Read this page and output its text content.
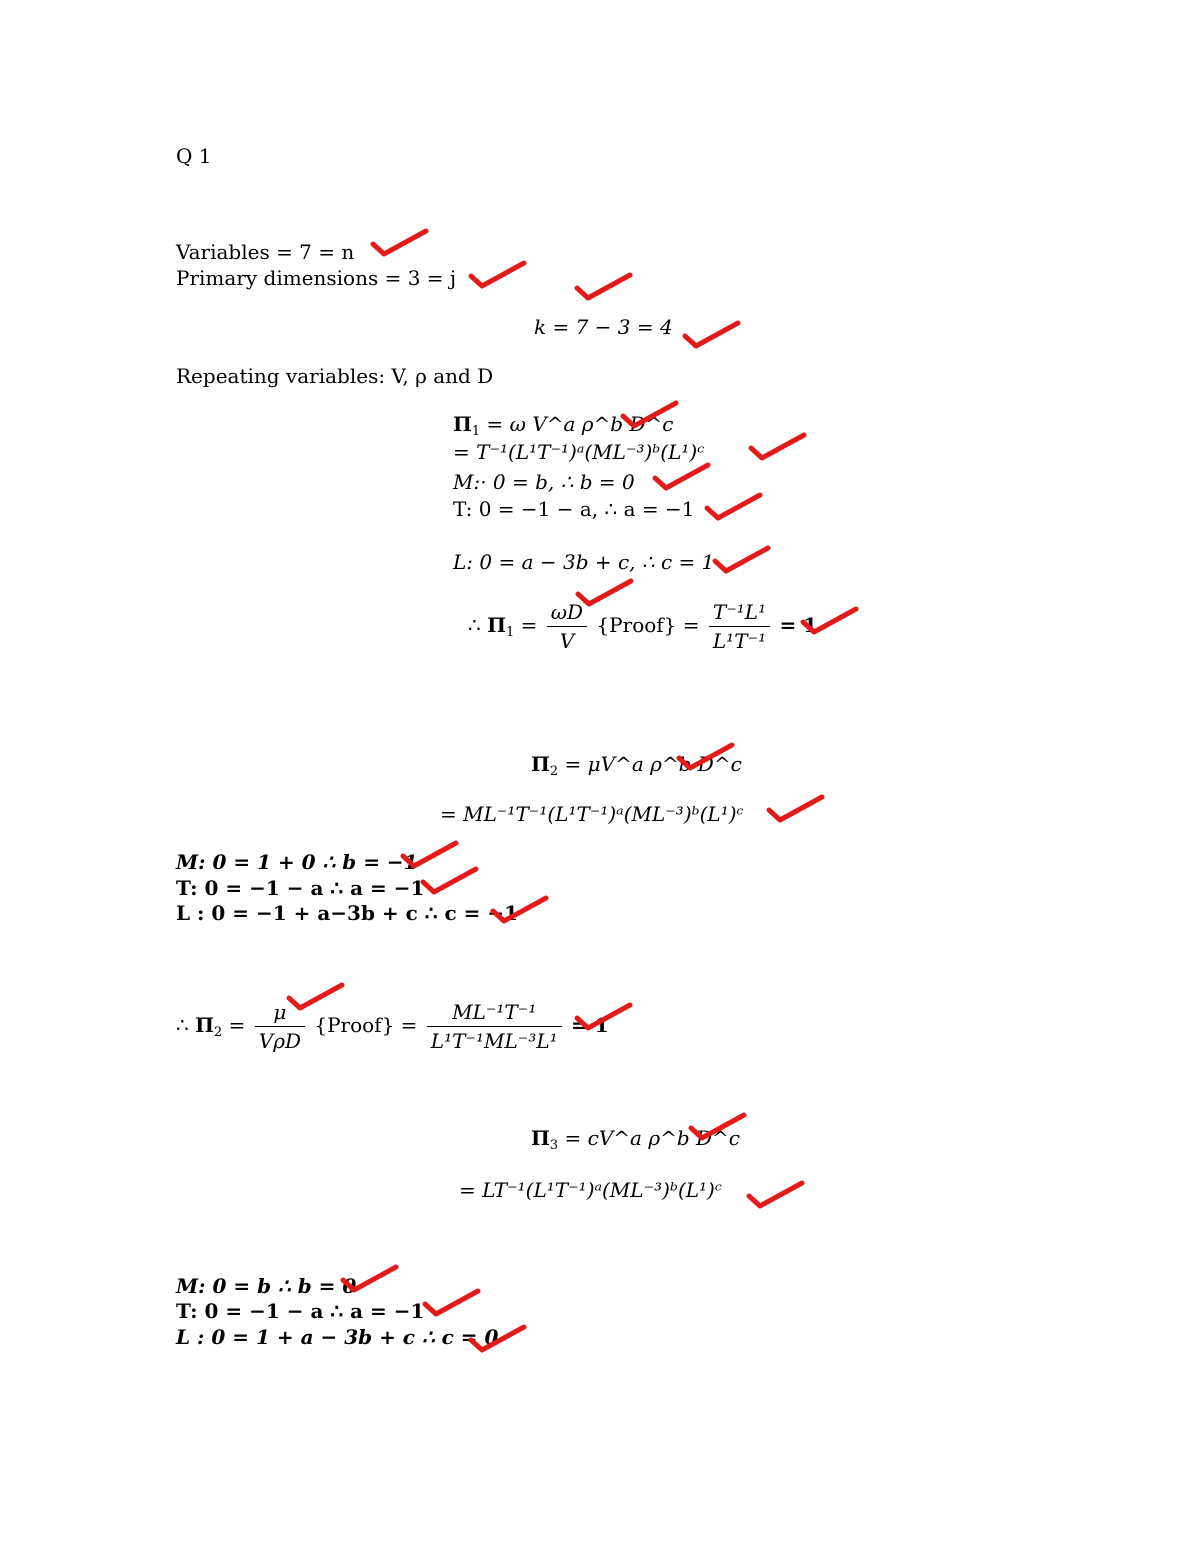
Q 1
Variables = 7 = n
Primary dimensions = 3 = j
k = 7 − 3 = 4
Repeating variables: V, ρ and D
$\Pi_1 = \omega$ V^a ρ^b D^c
= T⁻¹(L¹T⁻¹)ᵃ(ML⁻³)ᵇ(L¹)ᶜ
M:· 0 = b, ∴ b = 0
T: 0 = −1 − a, ∴ a = −1
L: 0 = a − 3b + c, ∴ c = 1
∴ $\Pi_1 = \frac{\omega D}{V}$ {Proof} = $\frac{\text{T⁻¹L¹}}{\text{L¹T⁻¹}} = 1$
$\Pi_2$ = μV^a ρ^b D^c
= ML⁻¹T⁻¹(L¹T⁻¹)ᵃ(ML⁻³)ᵇ(L¹)ᶜ
M: 0 = 1 + 0 ∴ b = −1
T: 0 = −1 − a ∴ a = −1
L : 0 = −1 + a−3b + c ∴ c = −1
∴ $\Pi_2 = \frac{\mu}{\text{VρD}}$ {Proof} = $\frac{\text{ML⁻¹T⁻¹}}{\text{L¹T⁻¹ML⁻³L¹}} = 1$
$\Pi_3$ = cV^a ρ^b D^c
= LT⁻¹(L¹T⁻¹)ᵃ(ML⁻³)ᵇ(L¹)ᶜ
M: 0 = b ∴ b = 0
T: 0 = −1 − a ∴ a = −1
L : 0 = 1 + a − 3b + c ∴ c = 0
